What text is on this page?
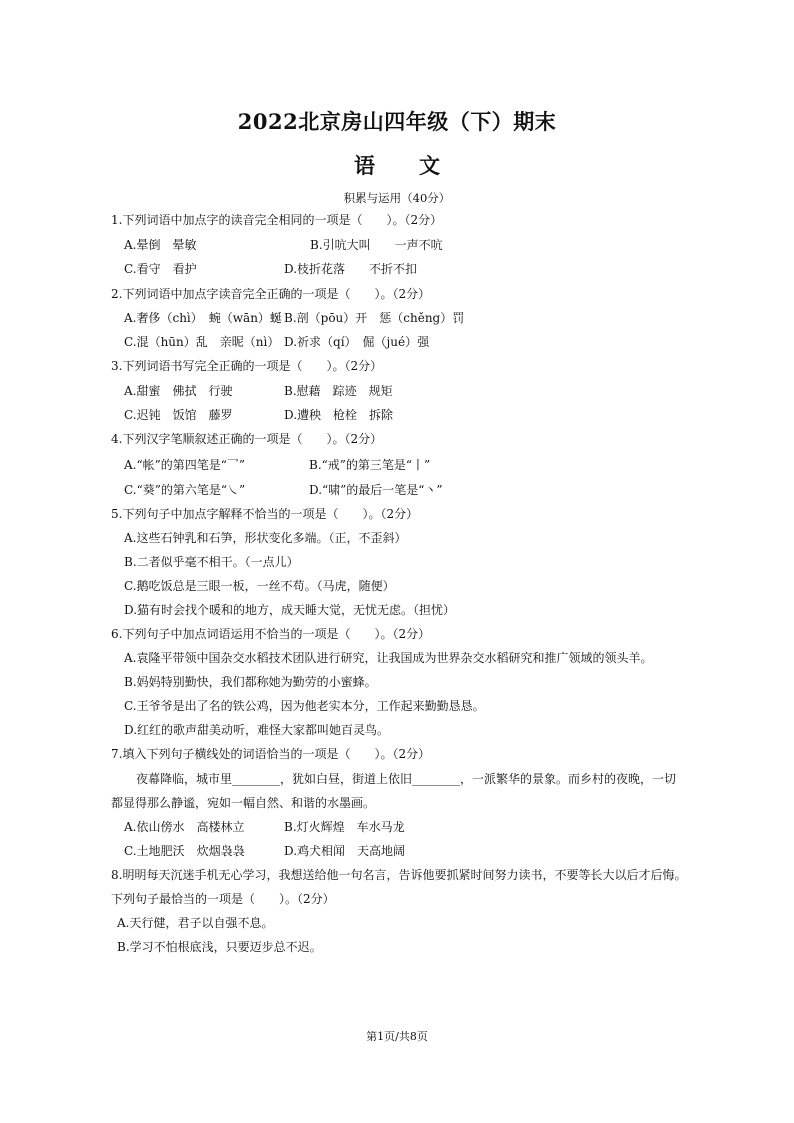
2022北京房山四年级（下）期末
语 文
积累与运用（40分）
1.下列词语中加点字的读音完全相同的一项是（　　）。（2分）
A.晕倒　晕敏	B.引吭大叫　　一声不吭
C.看守　看护	D.枝折花落　　不折不扣
2.下列词语中加点字读音完全正确的一项是（　　）。（2分）
A.奢侈（chì）　蜿（wān）蜒 B.剖（pōu）开　惩（chěng）罚
C.混（hūn）乱　亲昵（nì） D.祈求（qí）　倔（jué）强
3.下列词语书写完全正确的一项是（　　）。（2分）
A.甜蜜　佛拭　行驶	B.慰藉　踪迹　规矩
C.迟钝　饭馆　藤罗	D.遭秧　枪栓　拆除
4.下列汉字笔顺叙述正确的一项是（　　）。（2分）
A.“帐”的第四笔是“乛”	B.“戒”的第三笔是“丨”
C.“葵”的第六笔是“㇏”	D.“啸”的最后一笔是“丶”
5.下列句子中加点字解释不恰当的一项是（　　）。（2分）
A.这些石钟乳和石笋，形状变化多端。（正，不歪斜）
B.二者似乎毫不相干。（一点儿）
C.鹅吃饭总是三眼一板，一丝不苟。（马虎，随便）
D.猫有时会找个暖和的地方，成天睡大觉，无忧无虑。（担忧）
6.下列句子中加点词语运用不恰当的一项是（　　）。（2分）
A.袁隆平带领中国杂交水稻技术团队进行研究，让我国成为世界杂交水稻研究和推广领域的领头羊。
B.妈妈特别勤快，我们都称她为勤劳的小蜜蜂。
C.王爷爷是出了名的铁公鸡，因为他老实本分，工作起来勤勤恳恳。
D.红红的歌声甜美动听，难怪大家都叫她百灵鸟。
7.填入下列句子横线处的词语恰当的一项是（　　）。（2分）
夜幕降临，城市里________，犹如白昼，街道上依旧________，一派繁华的景象。而乡村的夜晚，一切
都显得那么静谧，宛如一幅自然、和谐的水墨画。
A.依山傍水　高楼林立	B.灯火辉煌　车水马龙
C.土地肥沃　炊烟袅袅	D.鸡犬相闻　天高地阔
8.明明每天沉迷手机无心学习，我想送给他一句名言，告诉他要抓紧时间努力读书，不要等长大以后才后悔。
下列句子最恰当的一项是（　　）。（2分）
A.天行健，君子以自强不息。
B.学习不怕根底浅，只要迈步总不迟。
第1页/共8页
